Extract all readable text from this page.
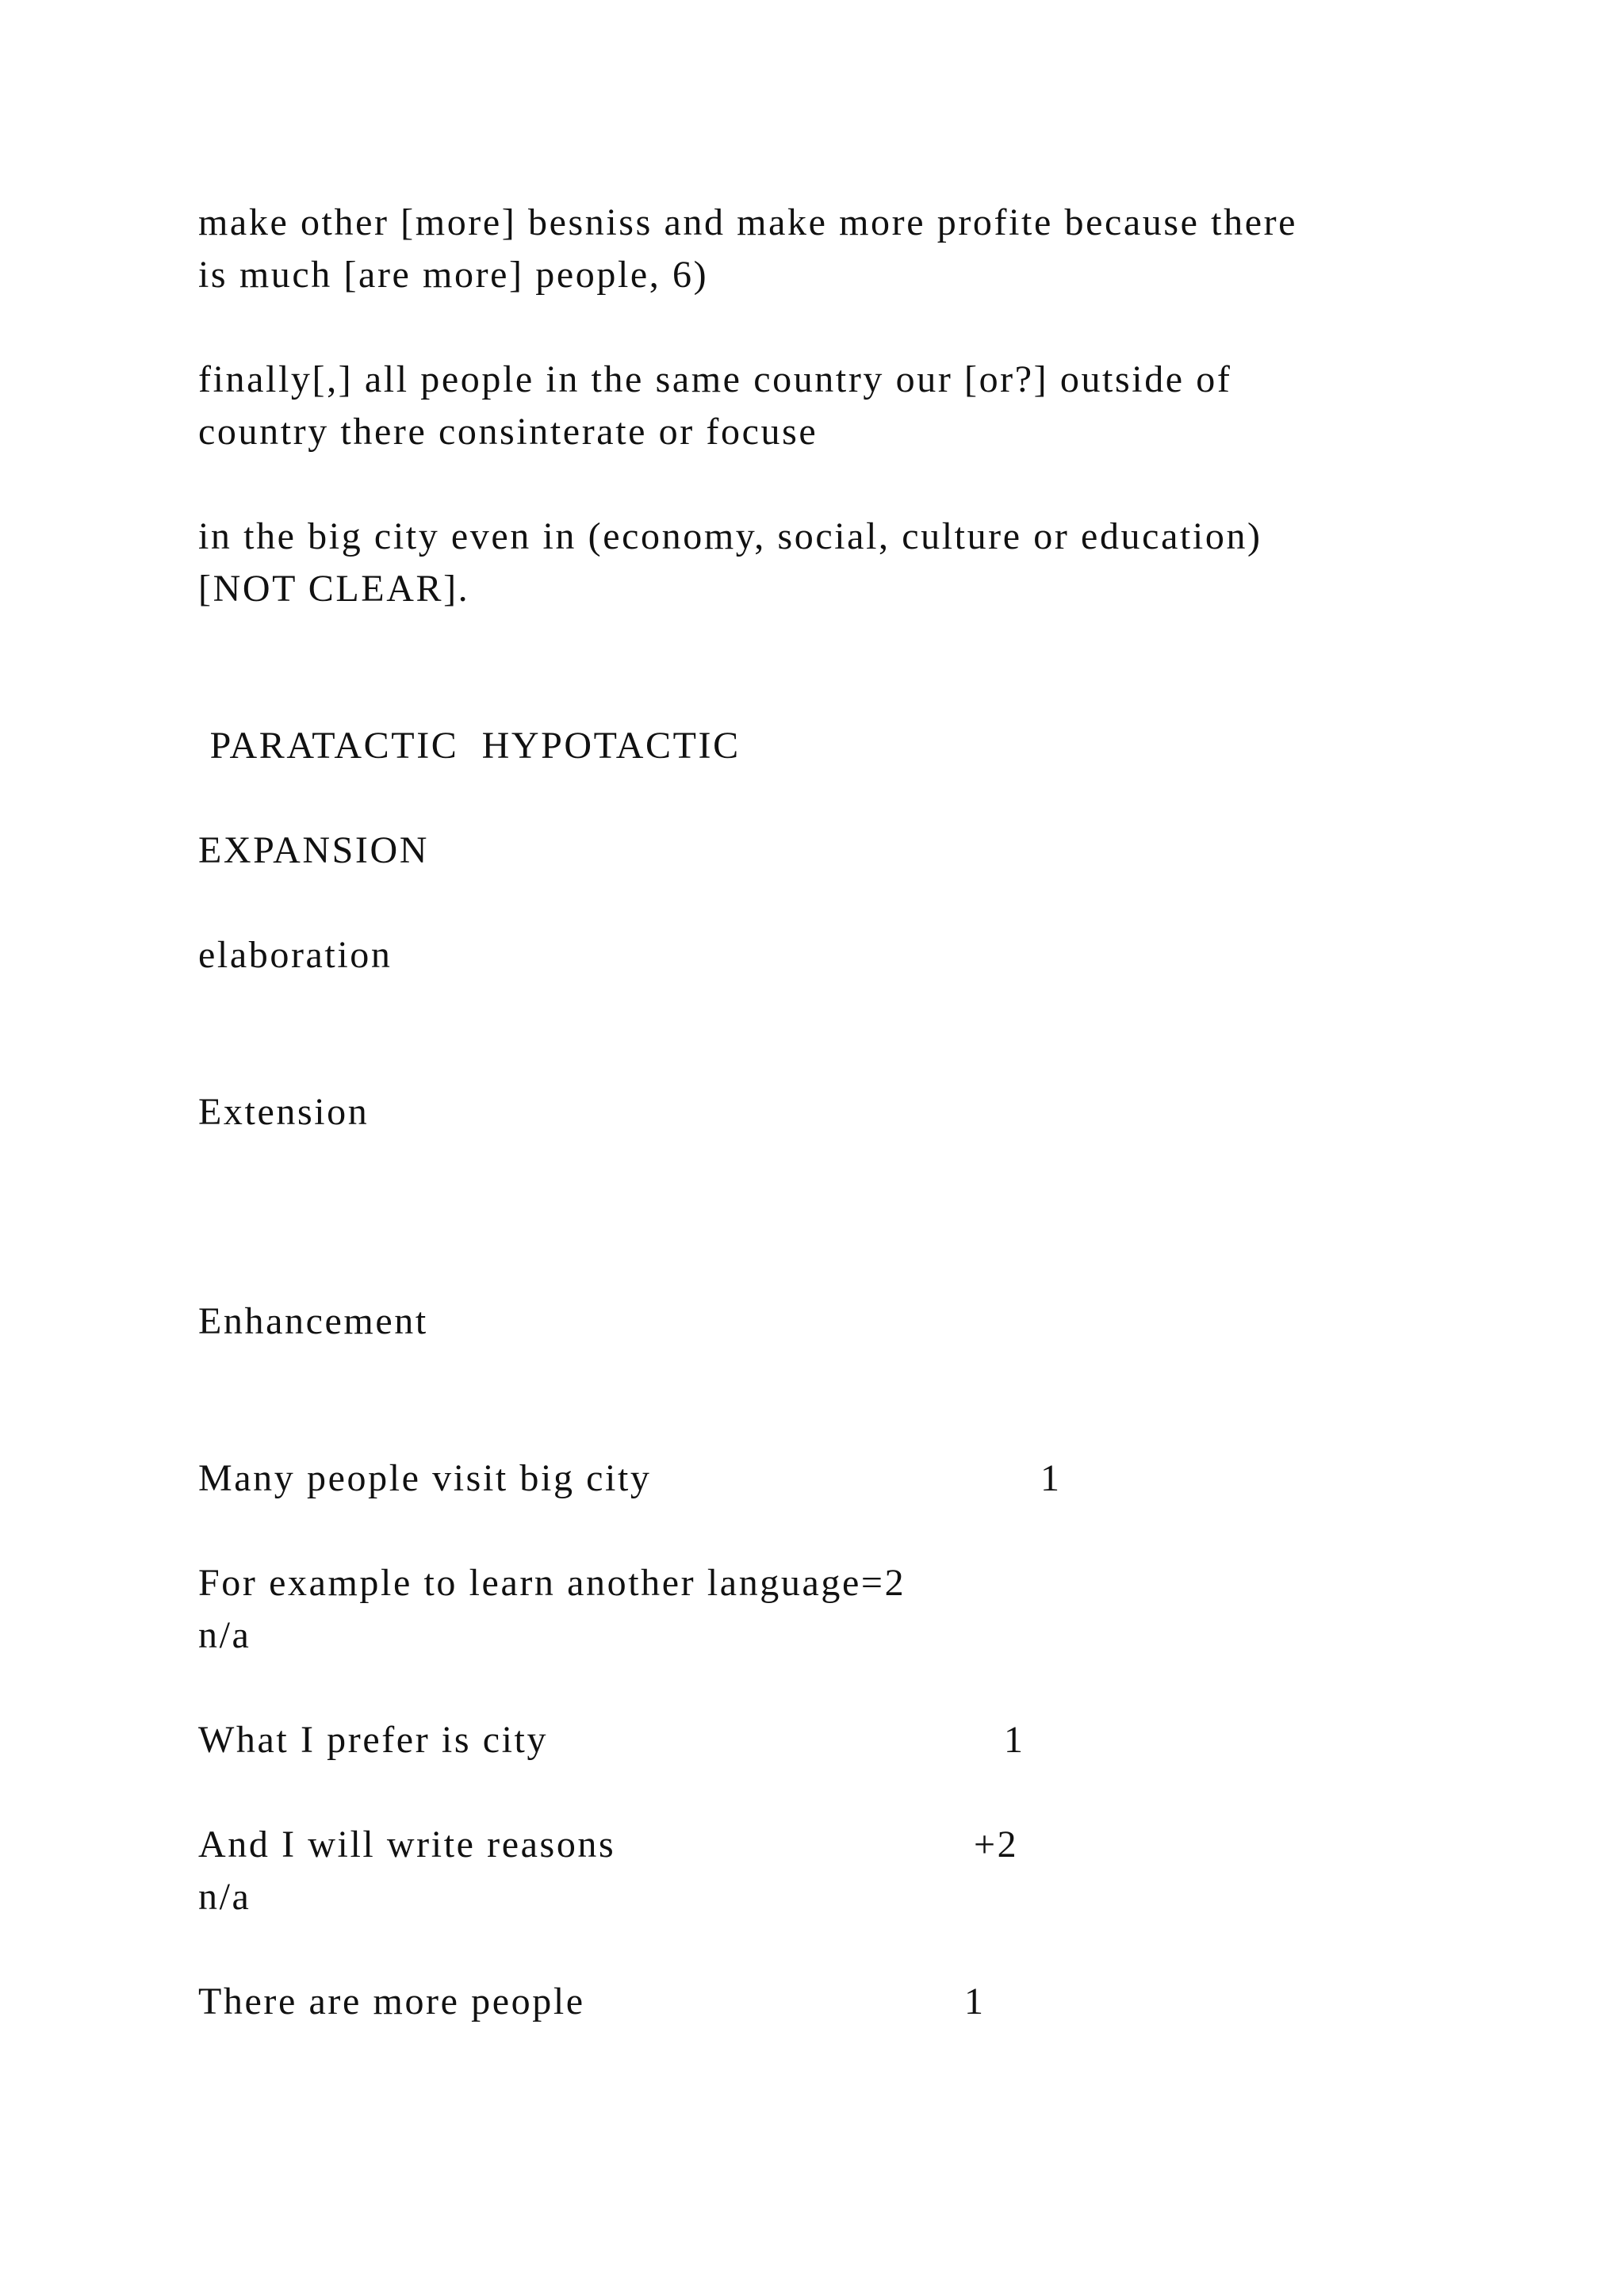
make other [more] besniss and make more profite because there

is much [are more] people, 6)

finally[,] all people in the same country our [or?] outside of

country there consinterate or focuse

in the big city even in (economy, social, culture or education)

[NOT CLEAR].

PARATACTIC  HYPOTACTIC

EXPANSION

elaboration

Extension

Enhancement

Many people visit big city	1

For example to learn another language=2

n/a

What I prefer is city	1

And I will write reasons	+2

n/a

There are more people	1
